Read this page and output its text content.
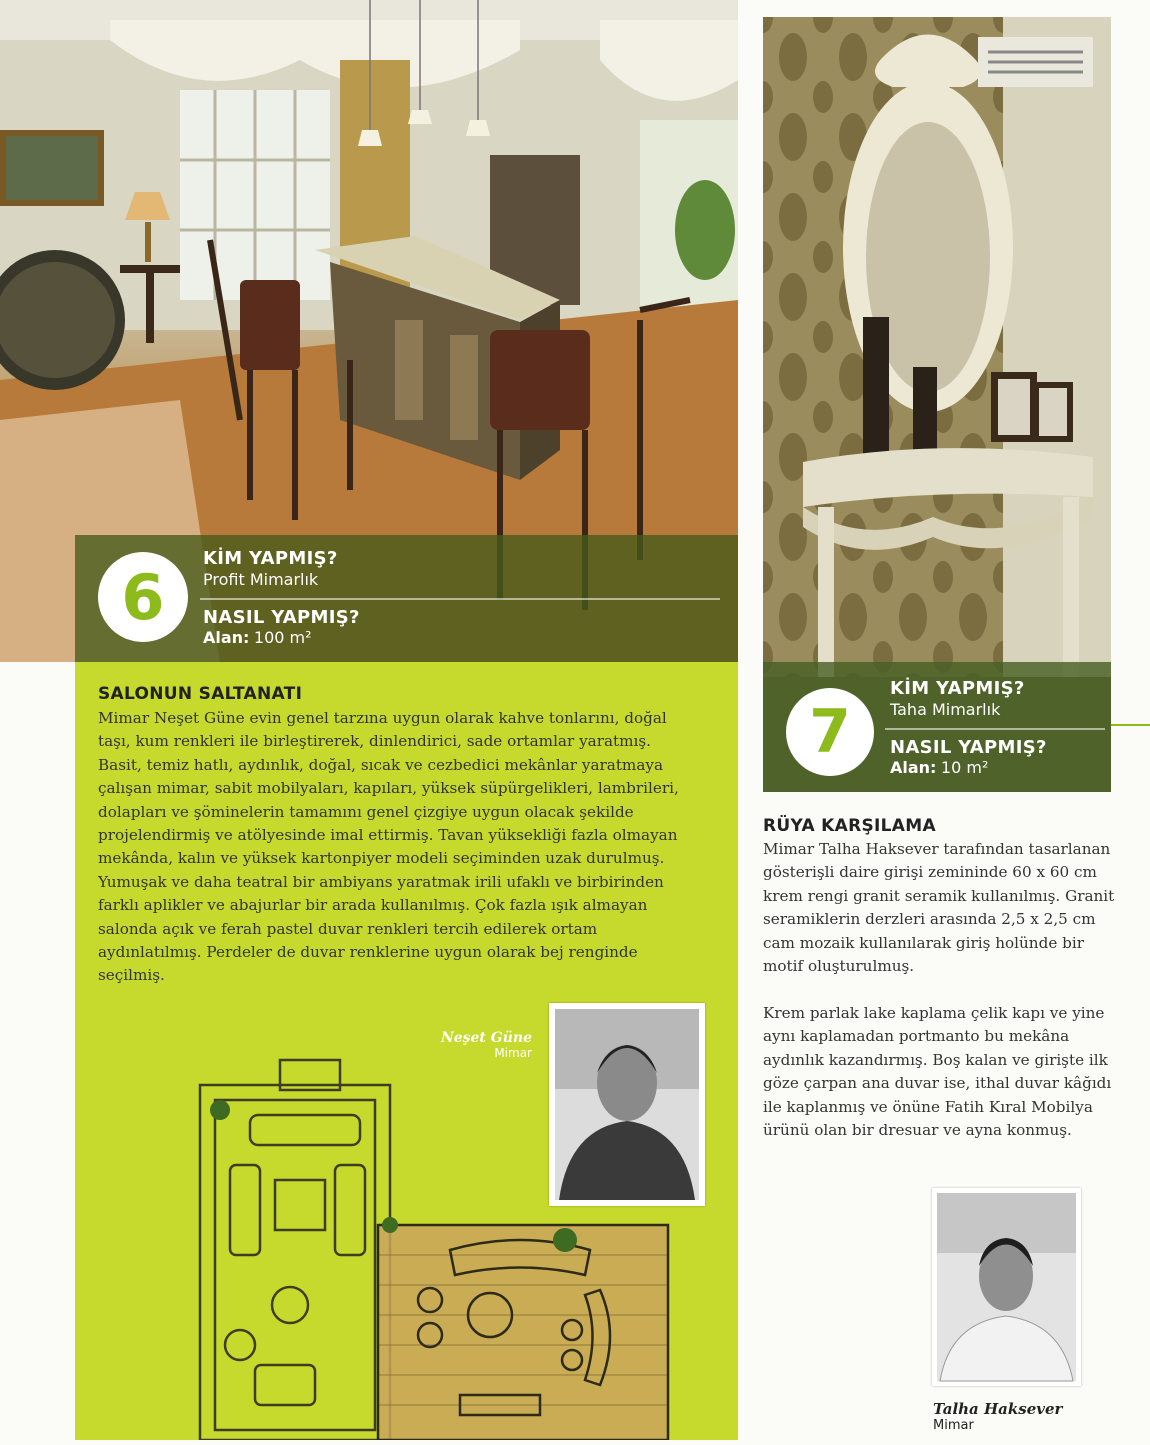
6
KİM YAPMIŞ?
Profit Mimarlık
NASIL YAPMIŞ?
Alan: 100 m²
SALONUN SALTANATI
Mimar Neşet Güne evin genel tarzına uygun olarak kahve tonlarını, doğal taşı, kum renkleri ile birleştirerek, dinlendirici, sade ortamlar yaratmış. Basit, temiz hatlı, aydınlık, doğal, sıcak ve cezbedici mekânlar yaratmaya çalışan mimar, sabit mobilyaları, kapıları, yüksek süpürgelikleri, lambrileri, dolapları ve şöminelerin tamamını genel çizgiye uygun olacak şekilde projelendirmiş ve atölyesinde imal ettirmiş. Tavan yüksekliği fazla olmayan mekânda, kalın ve yüksek kartonpiyer modeli seçiminden uzak durulmuş. Yumuşak ve daha teatral bir ambiyans yaratmak irili ufaklı ve birbirinden farklı aplikler ve abajurlar bir arada kullanılmış. Çok fazla ışık almayan salonda açık ve ferah pastel duvar renkleri tercih edilerek ortam aydınlatılmış. Perdeler de duvar renklerine uygun olarak bej renginde seçilmiş.
Neşet Güne
Mimar
7
KİM YAPMIŞ?
Taha Mimarlık
NASIL YAPMIŞ?
Alan: 10 m²
RÜYA KARŞILAMA
Mimar Talha Haksever tarafından tasarlanan gösterişli daire girişi zemininde 60 x 60 cm krem rengi granit seramik kullanılmış. Granit seramiklerin derzleri arasında 2,5 x 2,5 cm cam mozaik kullanılarak giriş holünde bir motif oluşturulmuş.
Krem parlak lake kaplama çelik kapı ve yine aynı kaplamadan portmanto bu mekâna aydınlık kazandırmış. Boş kalan ve girişte ilk göze çarpan ana duvar ise, ithal duvar kâğıdı ile kaplanmış ve önüne Fatih Kıral Mobilya ürünü olan bir dresuar ve ayna konmuş.
Talha Haksever
Mimar
